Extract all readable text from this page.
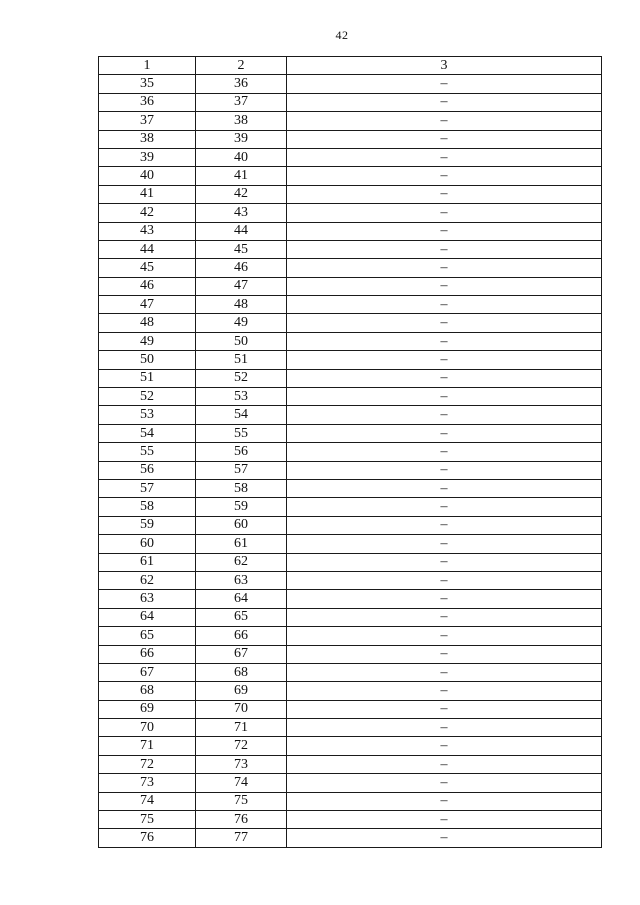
42
1	2	3
35	36	–
36	37	–
37	38	–
38	39	–
39	40	–
40	41	–
41	42	–
42	43	–
43	44	–
44	45	–
45	46	–
46	47	–
47	48	–
48	49	–
49	50	–
50	51	–
51	52	–
52	53	–
53	54	–
54	55	–
55	56	–
56	57	–
57	58	–
58	59	–
59	60	–
60	61	–
61	62	–
62	63	–
63	64	–
64	65	–
65	66	–
66	67	–
67	68	–
68	69	–
69	70	–
70	71	–
71	72	–
72	73	–
73	74	–
74	75	–
75	76	–
76	77	–
